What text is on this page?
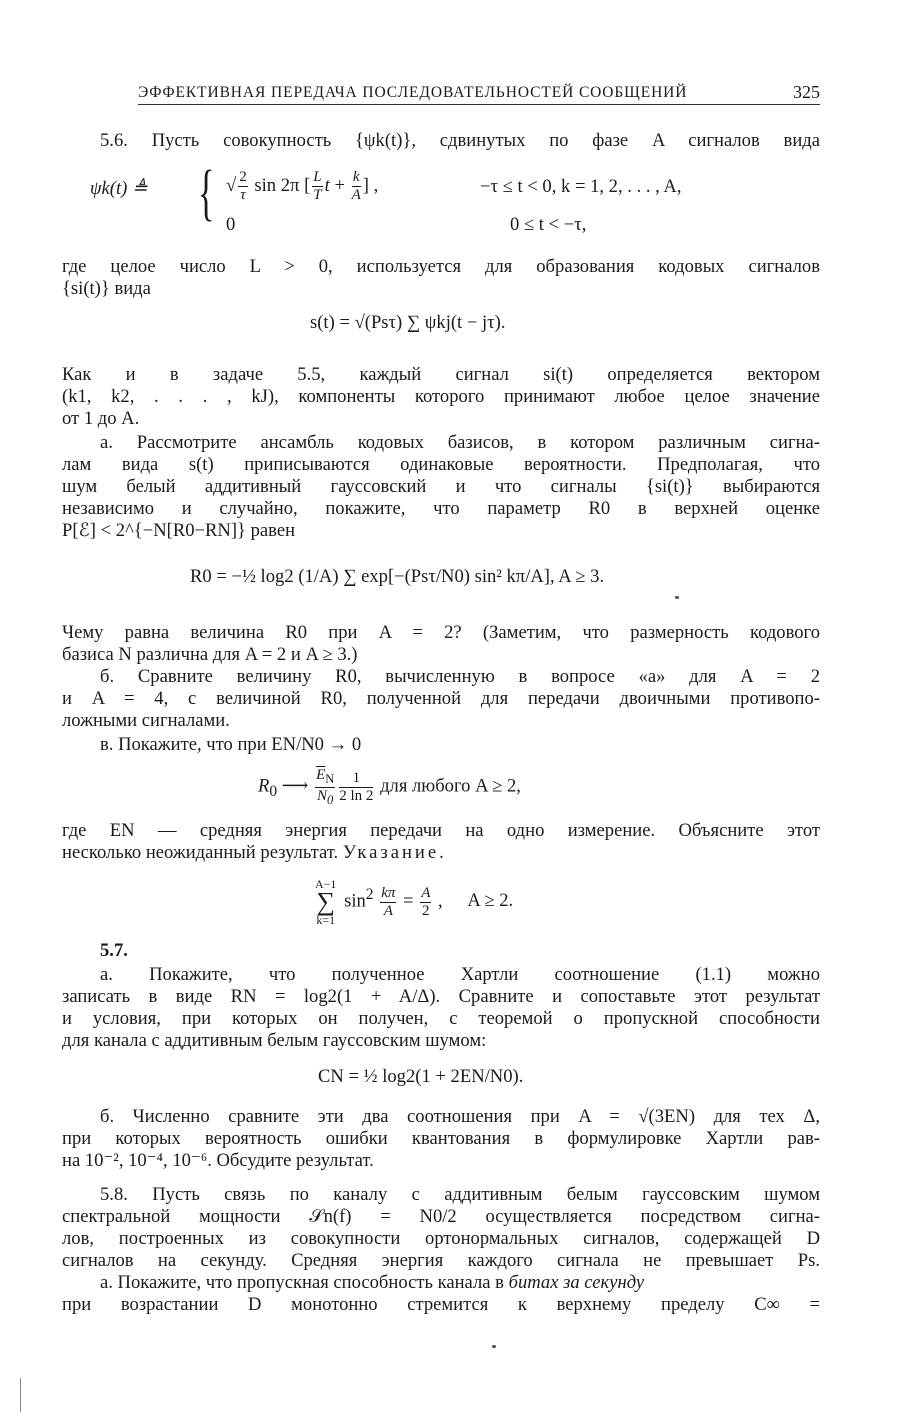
ЭФФЕКТИВНАЯ ПЕРЕДАЧА ПОСЛЕДОВАТЕЛЬНОСТЕЙ СООБЩЕНИЙ	325
5.6. Пусть совокупность {ψk(t)}, сдвинутых по фазе A сигналов вида
ψk(t) ≜ { √ $\frac{2}{\tau}$ sin 2π [ $\frac{L}{T}$ $t + \frac{k}{A}$ ] ,	−τ ≤ t < 0, k = 1, 2, . . . , A,
0	0 ≤ t < −τ,
где целое число L > 0, используется для образования кодовых сигналов
{si(t)} вида
s(t) = √(Psτ) ∑ ψkj(t − jτ).
Как и в задаче 5.5, каждый сигнал si(t) определяется вектором
(k1, k2, . . . , kJ), компоненты которого принимают любое целое значение
от 1 до A.
а. Рассмотрите ансамбль кодовых базисов, в котором различным сигна-
лам вида s(t) приписываются одинаковые вероятности. Предполагая, что
шум белый аддитивный гауссовский и что сигналы {si(t)} выбираются
независимо и случайно, покажите, что параметр R0 в верхней оценке
P[ℰ] < 2^{−N[R0−RN]} равен
R0 = −½ log2 (1/A) ∑ exp[−(Psτ/N0) sin² kπ/A], A ≥ 3.
Чему равна величина R0 при A = 2? (Заметим, что размерность кодового
базиса N различна для A = 2 и A ≥ 3.)
б. Сравните величину R0, вычисленную в вопросе «а» для A = 2
и A = 4, с величиной R0, полученной для передачи двоичными противопо-
ложными сигналами.
в. Покажите, что при EN/N0 → 0
$R_0$ ⟶ $\frac{\overline{E}_N}{N_0} \frac{1}{2 \ln 2}$ для любого A ≥ 2,
где EN — средняя энергия передачи на одно измерение. Объясните этот
несколько неожиданный результат. Указание.
A−1
∑
k=1
$\sin^2 \frac{k\pi}{A} = \frac{A}{2}$ , A ≥ 2.
5.7.
а. Покажите, что полученное Хартли соотношение (1.1) можно
записать в виде RN = log2(1 + A/Δ). Сравните и сопоставьте этот результат
и условия, при которых он получен, с теоремой о пропускной способности
для канала с аддитивным белым гауссовским шумом:
CN = ½ log2(1 + 2EN/N0).
б. Численно сравните эти два соотношения при A = √(3EN) для тех Δ,
при которых вероятность ошибки квантования в формулировке Хартли рав-
на 10⁻², 10⁻⁴, 10⁻⁶. Обсудите результат.
5.8. Пусть связь по каналу с аддитивным белым гауссовским шумом
спектральной мощности 𝒮n(f) = N0/2 осуществляется посредством сигна-
лов, построенных из совокупности ортонормальных сигналов, содержащей D
сигналов на секунду. Средняя энергия каждого сигнала не превышает Ps.
а. Покажите, что пропускная способность канала в битах за секунду
при возрастании D монотонно стремится к верхнему пределу C∞ =
